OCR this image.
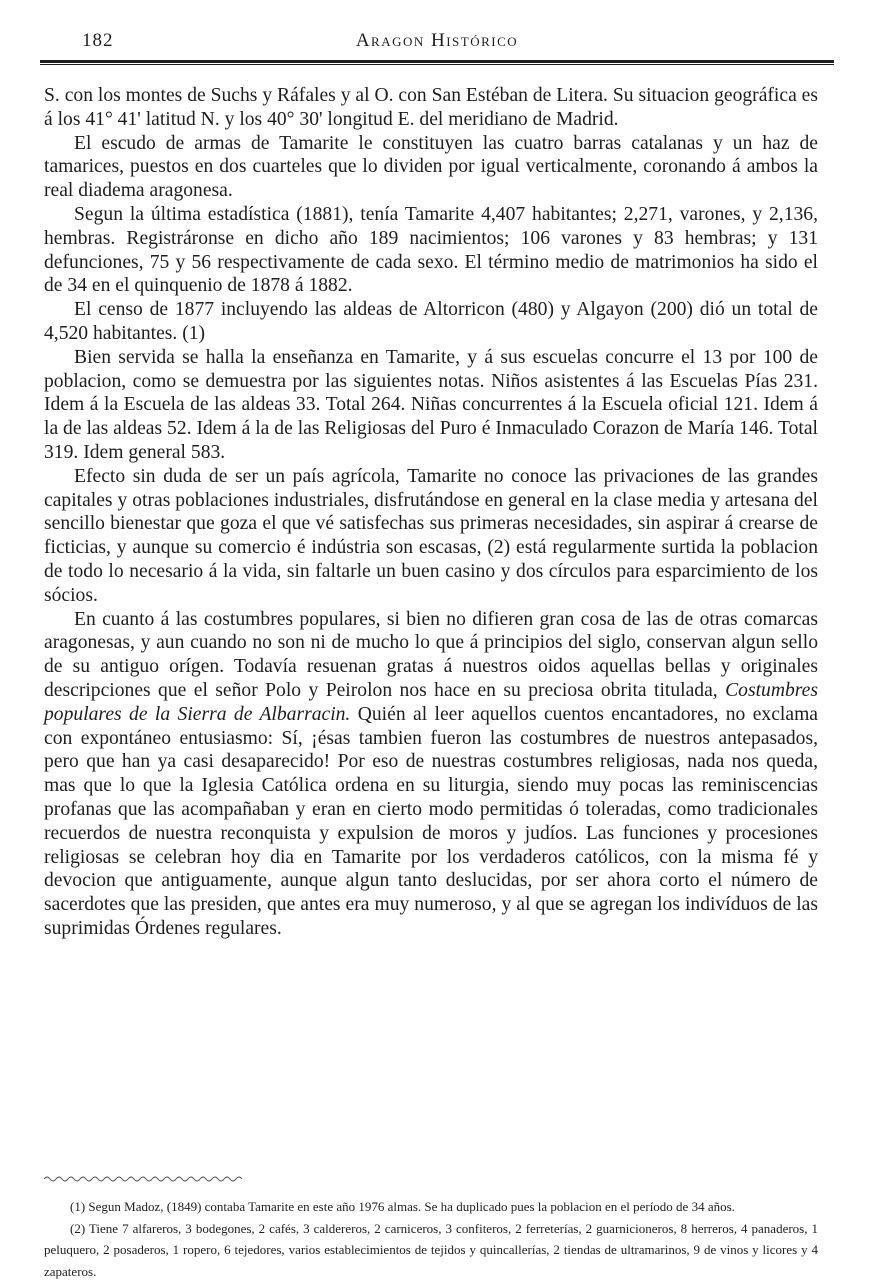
182	Aragon Histórico

S. con los montes de Suchs y Ráfales y al O. con San Estéban de Litera. Su situacion geográfica es á los 41° 41' latitud N. y los 40° 30' longitud E. del meridiano de Madrid.

El escudo de armas de Tamarite le constituyen las cuatro barras catalanas y un haz de tamarices, puestos en dos cuarteles que lo dividen por igual verticalmente, coronando á ambos la real diadema aragonesa.

Segun la última estadística (1881), tenía Tamarite 4,407 habitantes; 2,271, varones, y 2,136, hembras. Registráronse en dicho año 189 nacimientos; 106 varones y 83 hembras; y 131 defunciones, 75 y 56 respectivamente de cada sexo. El término medio de matrimonios ha sido el de 34 en el quinquenio de 1878 á 1882.

El censo de 1877 incluyendo las aldeas de Altorricon (480) y Algayon (200) dió un total de 4,520 habitantes. (1)

Bien servida se halla la enseñanza en Tamarite, y á sus escuelas concurre el 13 por 100 de poblacion, como se demuestra por las siguientes notas. Niños asistentes á las Escuelas Pías 231. Idem á la Escuela de las aldeas 33. Total 264. Niñas concurrentes á la Escuela oficial 121. Idem á la de las aldeas 52. Idem á la de las Religiosas del Puro é Inmaculado Corazon de María 146. Total 319. Idem general 583.

Efecto sin duda de ser un país agrícola, Tamarite no conoce las privaciones de las grandes capitales y otras poblaciones industriales, disfrutándose en general en la clase media y artesana del sencillo bienestar que goza el que vé satisfechas sus primeras necesidades, sin aspirar á crearse de ficticias, y aunque su comercio é indústria son escasas, (2) está regularmente surtida la poblacion de todo lo necesario á la vida, sin faltarle un buen casino y dos círculos para esparcimiento de los sócios.

En cuanto á las costumbres populares, si bien no difieren gran cosa de las de otras comarcas aragonesas, y aun cuando no son ni de mucho lo que á principios del siglo, conservan algun sello de su antiguo orígen. Todavía resuenan gratas á nuestros oidos aquellas bellas y originales descripciones que el señor Polo y Peirolon nos hace en su preciosa obrita titulada, Costumbres populares de la Sierra de Albarracin. Quién al leer aquellos cuentos encantadores, no exclama con expontáneo entusiasmo: Sí, ¡ésas tambien fueron las costumbres de nuestros antepasados, pero que han ya casi desaparecido! Por eso de nuestras costumbres religiosas, nada nos queda, mas que lo que la Iglesia Católica ordena en su liturgia, siendo muy pocas las reminiscencias profanas que las acompañaban y eran en cierto modo permitidas ó toleradas, como tradicionales recuerdos de nuestra reconquista y expulsion de moros y judíos. Las funciones y procesiones religiosas se celebran hoy dia en Tamarite por los verdaderos católicos, con la misma fé y devocion que antiguamente, aunque algun tanto deslucidas, por ser ahora corto el número de sacerdotes que las presiden, que antes era muy numeroso, y al que se agregan los indivíduos de las suprimidas Órdenes regulares.

(1) Segun Madoz, (1849) contaba Tamarite en este año 1976 almas. Se ha duplicado pues la poblacion en el período de 34 años.

(2) Tiene 7 alfareros, 3 bodegones, 2 cafés, 3 caldereros, 2 carniceros, 3 confiteros, 2 ferreterías, 2 guarnicioneros, 8 herreros, 4 panaderos, 1 peluquero, 2 posaderos, 1 ropero, 6 tejedores, varios establecimientos de tejidos y quincallerías, 2 tiendas de ultramarinos, 9 de vinos y licores y 4 zapateros.
